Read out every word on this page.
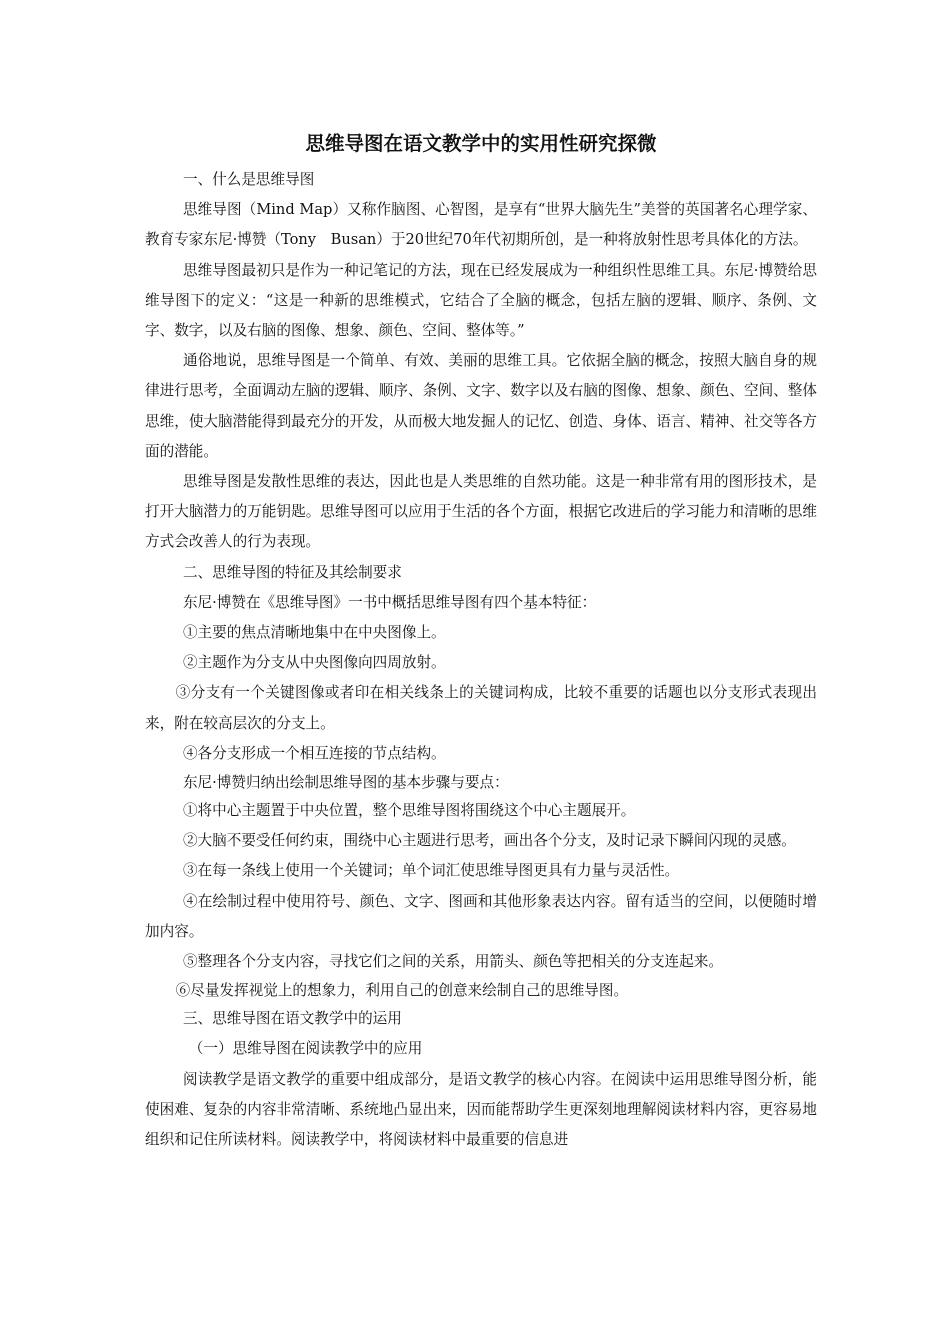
思维导图在语文教学中的实用性研究探微

一、什么是思维导图

思维导图（Mind Map）又称作脑图、心智图，是享有“世界大脑先生”美誉的英国著名心理学家、教育专家东尼·博赞（Tony　Busan）于20世纪70年代初期所创，是一种将放射性思考具体化的方法。

思维导图最初只是作为一种记笔记的方法，现在已经发展成为一种组织性思维工具。东尼·博赞给思维导图下的定义：“这是一种新的思维模式，它结合了全脑的概念，包括左脑的逻辑、顺序、条例、文字、数字，以及右脑的图像、想象、颜色、空间、整体等。”

通俗地说，思维导图是一个简单、有效、美丽的思维工具。它依据全脑的概念，按照大脑自身的规律进行思考，全面调动左脑的逻辑、顺序、条例、文字、数字以及右脑的图像、想象、颜色、空间、整体思维，使大脑潜能得到最充分的开发，从而极大地发掘人的记忆、创造、身体、语言、精神、社交等各方面的潜能。

思维导图是发散性思维的表达，因此也是人类思维的自然功能。这是一种非常有用的图形技术，是打开大脑潜力的万能钥匙。思维导图可以应用于生活的各个方面，根据它改进后的学习能力和清晰的思维方式会改善人的行为表现。

二、思维导图的特征及其绘制要求

东尼·博赞在《思维导图》一书中概括思维导图有四个基本特征：

①主要的焦点清晰地集中在中央图像上。

②主题作为分支从中央图像向四周放射。

③分支有一个关键图像或者印在相关线条上的关键词构成，比较不重要的话题也以分支形式表现出来，附在较高层次的分支上。

④各分支形成一个相互连接的节点结构。

东尼·博赞归纳出绘制思维导图的基本步骤与要点：

①将中心主题置于中央位置，整个思维导图将围绕这个中心主题展开。

②大脑不要受任何约束，围绕中心主题进行思考，画出各个分支，及时记录下瞬间闪现的灵感。

③在每一条线上使用一个关键词；单个词汇使思维导图更具有力量与灵活性。

④在绘制过程中使用符号、颜色、文字、图画和其他形象表达内容。留有适当的空间，以便随时增加内容。

⑤整理各个分支内容，寻找它们之间的关系，用箭头、颜色等把相关的分支连起来。

⑥尽量发挥视觉上的想象力，利用自己的创意来绘制自己的思维导图。

三、思维导图在语文教学中的运用

（一）思维导图在阅读教学中的应用

阅读教学是语文教学的重要中组成部分，是语文教学的核心内容。在阅读中运用思维导图分析，能使困难、复杂的内容非常清晰、系统地凸显出来，因而能帮助学生更深刻地理解阅读材料内容，更容易地组织和记住所读材料。阅读教学中，将阅读材料中最重要的信息进
